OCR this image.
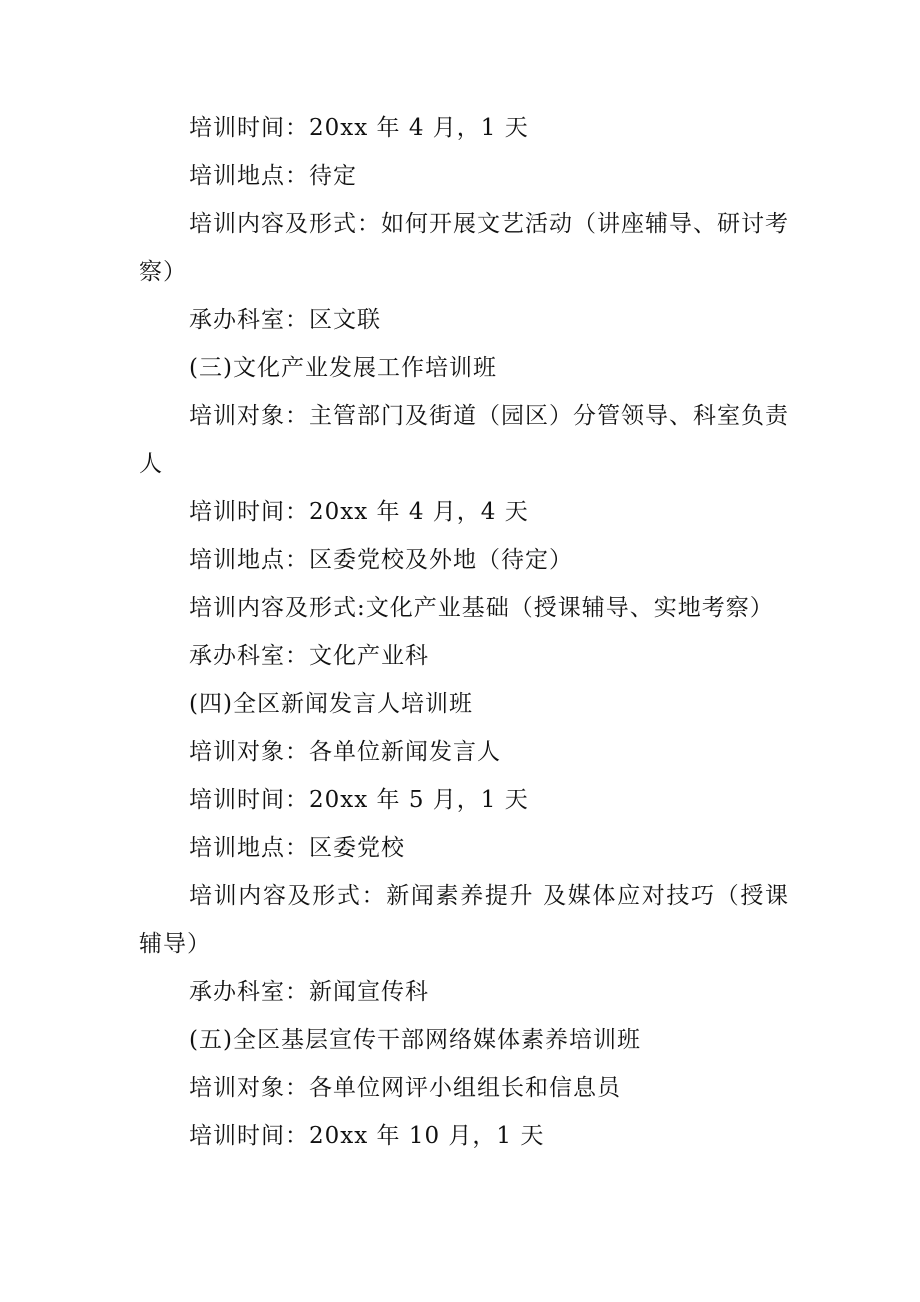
培训时间：20xx 年 4 月，1 天

培训地点：待定

培训内容及形式：如何开展文艺活动（讲座辅导、研讨考察）

承办科室：区文联

(三)文化产业发展工作培训班

培训对象：主管部门及街道（园区）分管领导、科室负责人

培训时间：20xx 年 4 月，4 天

培训地点：区委党校及外地（待定）

培训内容及形式:文化产业基础（授课辅导、实地考察）

承办科室：文化产业科

(四)全区新闻发言人培训班

培训对象：各单位新闻发言人

培训时间：20xx 年 5 月，1 天

培训地点：区委党校

培训内容及形式：新闻素养提升 及媒体应对技巧（授课辅导）

承办科室：新闻宣传科

(五)全区基层宣传干部网络媒体素养培训班

培训对象：各单位网评小组组长和信息员

培训时间：20xx 年 10 月，1 天
